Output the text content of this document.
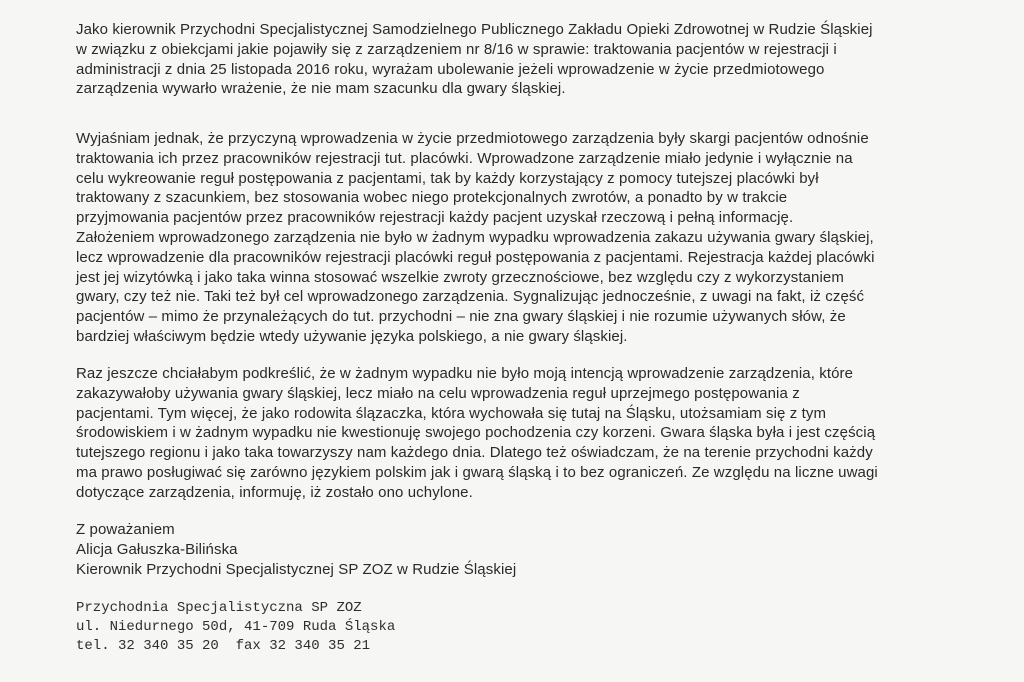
Jako kierownik Przychodni Specjalistycznej Samodzielnego Publicznego Zakładu Opieki Zdrowotnej w Rudzie Śląskiej
w związku z obiekcjami jakie pojawiły się z zarządzeniem nr 8/16 w sprawie: traktowania pacjentów w rejestracji i
administracji z dnia 25 listopada 2016 roku, wyrażam ubolewanie jeżeli wprowadzenie w życie przedmiotowego
zarządzenia wywarło wrażenie, że nie mam szacunku dla gwary śląskiej.
Wyjaśniam jednak, że przyczyną wprowadzenia w życie przedmiotowego zarządzenia były skargi pacjentów odnośnie
traktowania ich przez pracowników rejestracji tut. placówki. Wprowadzone zarządzenie miało jedynie i wyłącznie na
celu wykreowanie reguł postępowania z pacjentami, tak by każdy korzystający z pomocy tutejszej placówki był
traktowany z szacunkiem, bez stosowania wobec niego protekcjonalnych zwrotów, a ponadto by w trakcie
przyjmowania pacjentów przez pracowników rejestracji każdy pacjent uzyskał rzeczową i pełną informację.
Założeniem wprowadzonego zarządzenia nie było w żadnym wypadku wprowadzenia zakazu używania gwary śląskiej,
lecz wprowadzenie dla pracowników rejestracji placówki reguł postępowania z pacjentami. Rejestracja każdej placówki
jest jej wizytówką i jako taka winna stosować wszelkie zwroty grzecznościowe, bez względu czy z wykorzystaniem
gwary, czy też nie. Taki też był cel wprowadzonego zarządzenia. Sygnalizując jednocześnie, z uwagi na fakt, iż część
pacjentów – mimo że przynależących do tut. przychodni – nie zna gwary śląskiej i nie rozumie używanych słów, że
bardziej właściwym będzie wtedy używanie języka polskiego, a nie gwary śląskiej.
Raz jeszcze chciałabym podkreślić, że w żadnym wypadku nie było moją intencją wprowadzenie zarządzenia, które
zakazywałoby używania gwary śląskiej, lecz miało na celu wprowadzenia reguł uprzejmego postępowania z
pacjentami. Tym więcej, że jako rodowita ślązaczka, która wychowała się tutaj na Śląsku, utożsamiam się z tym
środowiskiem i w żadnym wypadku nie kwestionuję swojego pochodzenia czy korzeni. Gwara śląska była i jest częścią
tutejszego regionu i jako taka towarzyszy nam każdego dnia. Dlatego też oświadczam, że na terenie przychodni każdy
ma prawo posługiwać się zarówno językiem polskim jak i gwarą śląską i to bez ograniczeń. Ze względu na liczne uwagi
dotyczące zarządzenia, informuję, iż zostało ono uchylone.
Z poważaniem
Alicja Gałuszka-Bilińska
Kierownik Przychodni Specjalistycznej SP ZOZ w Rudzie Śląskiej
Przychodnia Specjalistyczna SP ZOZ
ul. Niedurnego 50d, 41-709 Ruda Śląska
tel. 32 340 35 20  fax 32 340 35 21
